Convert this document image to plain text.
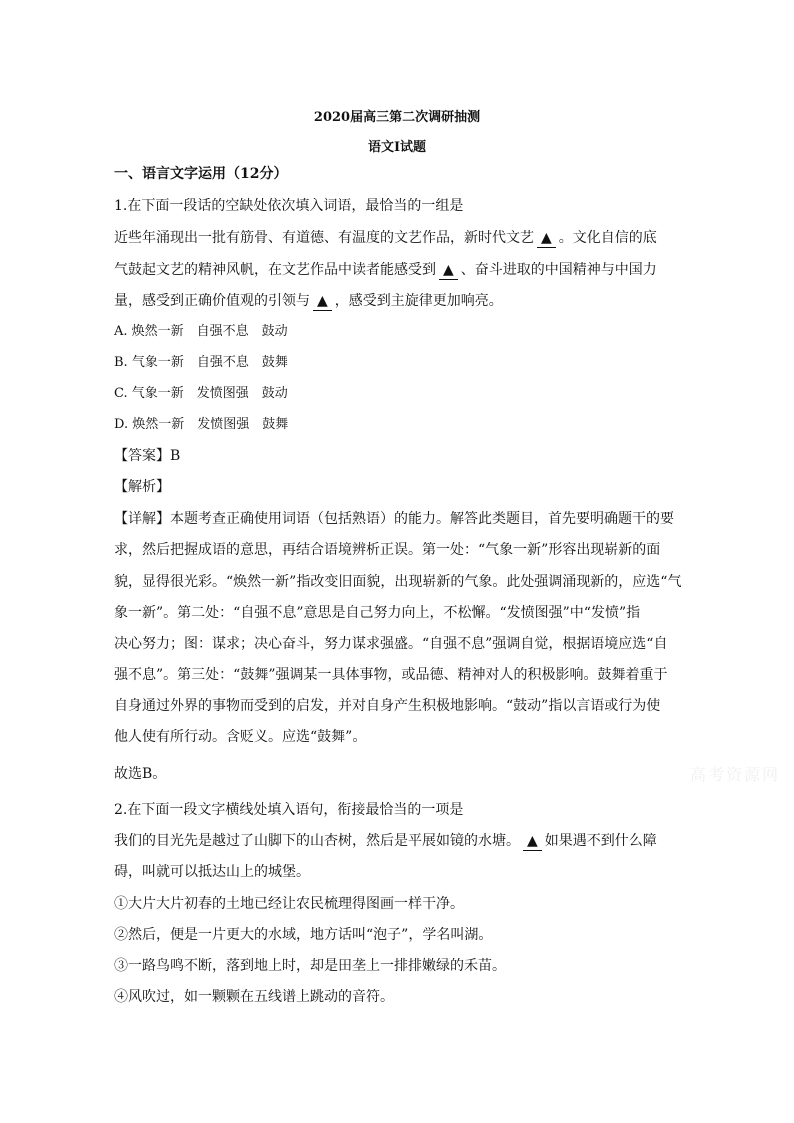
2020届高三第二次调研抽测
语文Ⅰ试题
一、语言文字运用（12分）
1.在下面一段话的空缺处依次填入词语，最恰当的一组是
近些年涌现出一批有筋骨、有道德、有温度的文艺作品，新时代文艺 ▲ 。文化自信的底
气鼓起文艺的精神风帆，在文艺作品中读者能感受到 ▲ 、奋斗进取的中国精神与中国力
量，感受到正确价值观的引领与 ▲ ，感受到主旋律更加响亮。
A. 焕然一新　自强不息　鼓动
B. 气象一新　自强不息　鼓舞
C. 气象一新　发愤图强　鼓动
D. 焕然一新　发愤图强　鼓舞
【答案】B
【解析】
【详解】本题考查正确使用词语（包括熟语）的能力。解答此类题目，首先要明确题干的要
求，然后把握成语的意思，再结合语境辨析正误。第一处：“气象一新”形容出现崭新的面
貌，显得很光彩。“焕然一新”指改变旧面貌，出现崭新的气象。此处强调涌现新的，应选“气
象一新”。第二处：“自强不息”意思是自己努力向上，不松懈。“发愤图强”中“发愤”指
决心努力；图：谋求；决心奋斗，努力谋求强盛。“自强不息”强调自觉，根据语境应选“自
强不息”。第三处：“鼓舞”强调某一具体事物，或品德、精神对人的积极影响。鼓舞着重于
自身通过外界的事物而受到的启发，并对自身产生积极地影响。“鼓动”指以言语或行为使
他人使有所行动。含贬义。应选“鼓舞”。
故选B。	高考资源网
2.在下面一段文字横线处填入语句，衔接最恰当的一项是
我们的目光先是越过了山脚下的山杏树，然后是平展如镜的水塘。 ▲ 如果遇不到什么障
碍，叫就可以抵达山上的城堡。
①大片大片初春的土地已经让农民梳理得图画一样干净。
②然后，便是一片更大的水域，地方话叫“泡子”，学名叫湖。
③一路鸟鸣不断，落到地上时，却是田垄上一排排嫩绿的禾苗。
④风吹过，如一颗颗在五线谱上跳动的音符。
